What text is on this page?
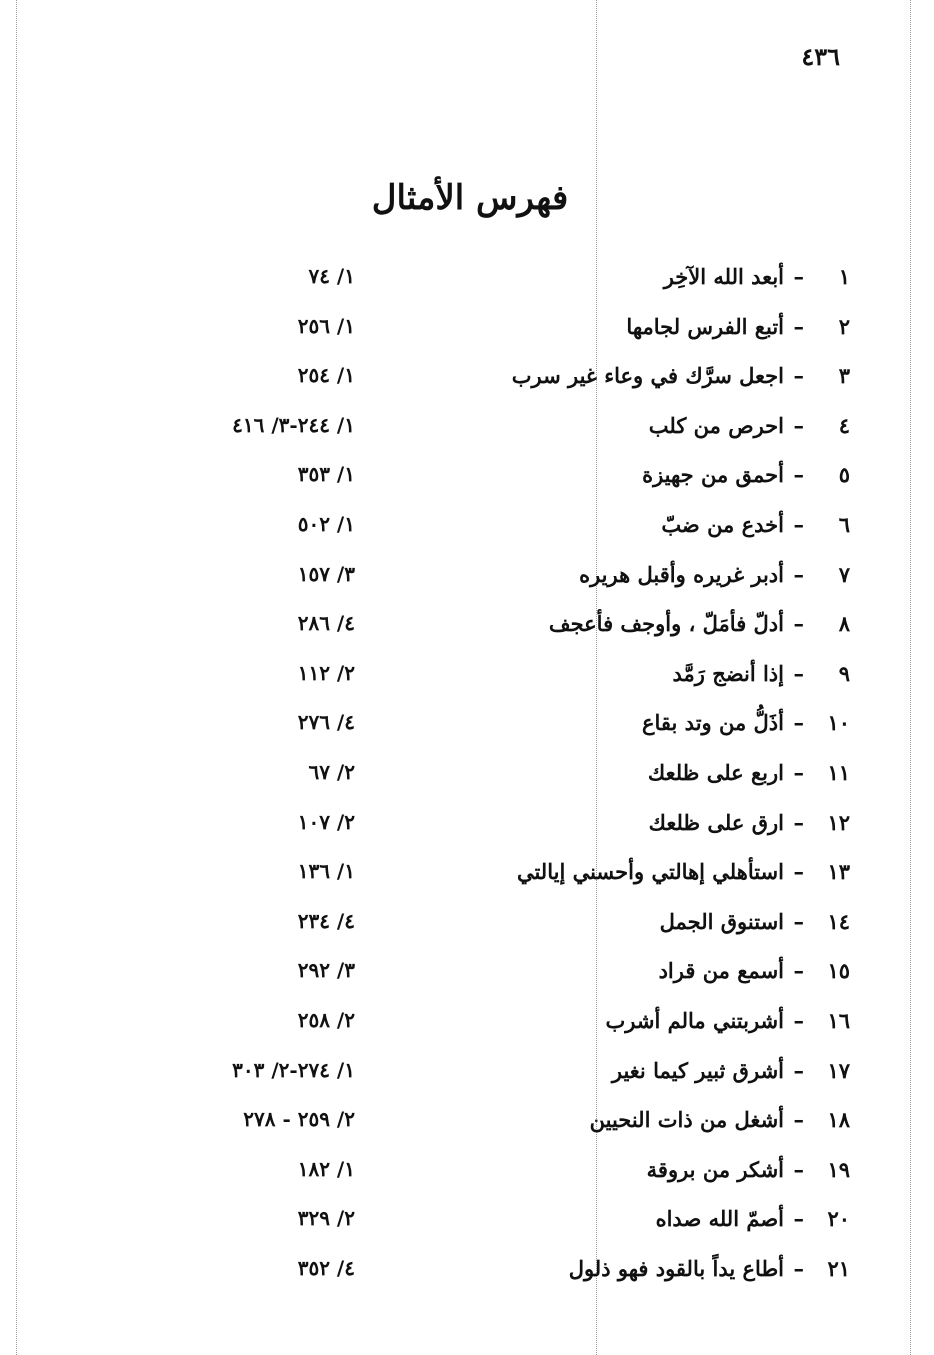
٤٣٦
فهرس الأمثال
١
–
أبعد الله الآخِر
١/ ٧٤
٢
–
أتبع الفرس لجامها
١/ ٢٥٦
٣
–
اجعل سرَّك في وعاء غير سرب
١/ ٢٥٤
٤
–
احرص من كلب
١/ ٢٤٤-٣/ ٤١٦
٥
–
أحمق من جهيزة
١/ ٣٥٣
٦
–
أخدع من ضبّ
١/ ٥٠٢
٧
–
أدبر غريره وأقبل هريره
٣/ ١٥٧
٨
–
أدلّ فأمَلّ ، وأوجف فأعجف
٤/ ٢٨٦
٩
–
إذا أنضج رَمَّد
٢/ ١١٢
١٠
–
أذَلُّ من وتد بقاع
٤/ ٢٧٦
١١
–
اربع على ظلعك
٢/ ٦٧
١٢
–
ارق على ظلعك
٢/ ١٠٧
١٣
–
استأهلي إهالتي وأحسني إيالتي
١/ ١٣٦
١٤
–
استنوق الجمل
٤/ ٢٣٤
١٥
–
أسمع من قراد
٣/ ٢٩٢
١٦
–
أشربتني مالم أشرب
٢/ ٢٥٨
١٧
–
أشرق ثبير كيما نغير
١/ ٢٧٤-٢/ ٣٠٣
١٨
–
أشغل من ذات النحيين
٢/ ٢٥٩ - ٢٧٨
١٩
–
أشكر من بروقة
١/ ١٨٢
٢٠
–
أصمّ الله صداه
٢/ ٣٢٩
٢١
–
أطاع يداً بالقود فهو ذلول
٤/ ٣٥٢
